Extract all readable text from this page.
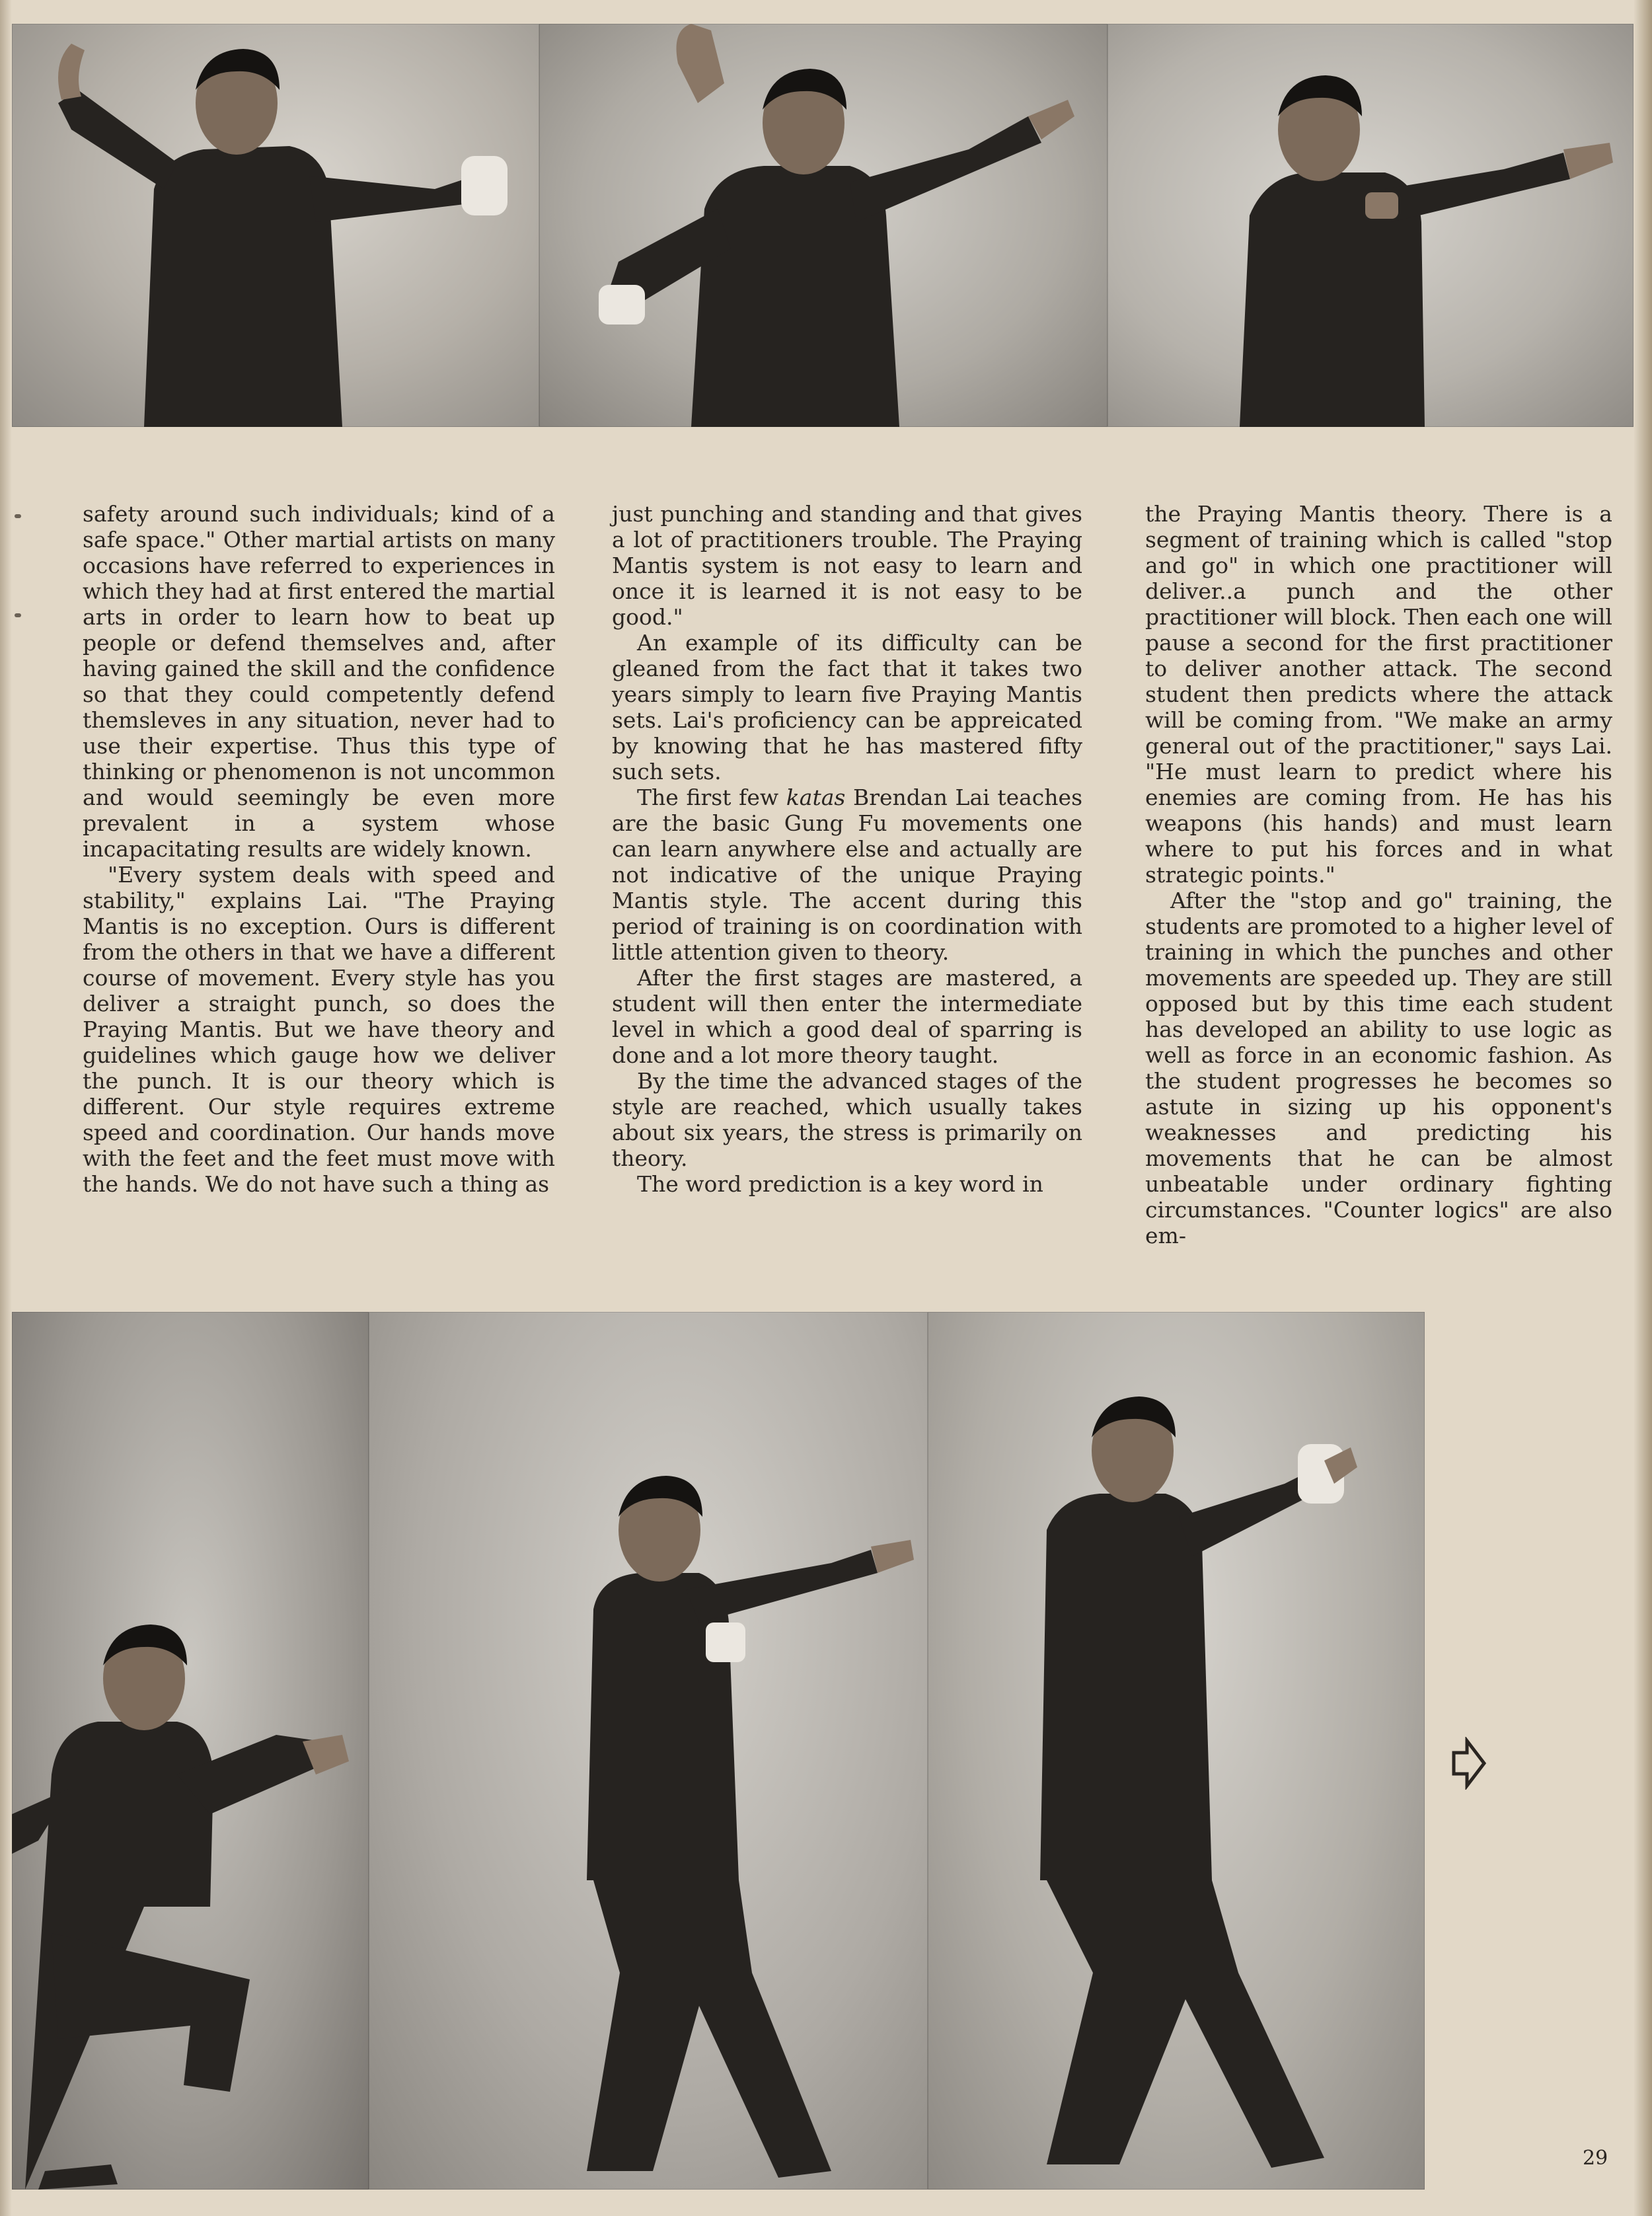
safety around such individuals; kind of a safe space." Other martial artists on many occasions have referred to experiences in which they had at first entered the martial arts in order to learn how to beat up people or defend themselves and, after having gained the skill and the confidence so that they could competently defend themsleves in any situation, never had to use their expertise. Thus this type of thinking or phenomenon is not uncommon and would seemingly be even more prevalent in a system whose incapacitating results are widely known.

"Every system deals with speed and stability," explains Lai. "The Praying Mantis is no exception. Ours is different from the others in that we have a different course of movement. Every style has you deliver a straight punch, so does the Praying Mantis. But we have theory and guidelines which gauge how we deliver the punch. It is our theory which is different. Our style requires extreme speed and coordination. Our hands move with the feet and the feet must move with the hands. We do not have such a thing as

just punching and standing and that gives a lot of practitioners trouble. The Praying Mantis system is not easy to learn and once it is learned it is not easy to be good."

An example of its difficulty can be gleaned from the fact that it takes two years simply to learn five Praying Mantis sets. Lai's proficiency can be appreicated by knowing that he has mastered fifty such sets.

The first few katas Brendan Lai teaches are the basic Gung Fu movements one can learn anywhere else and actually are not indicative of the unique Praying Mantis style. The accent during this period of training is on coordination with little attention given to theory.

After the first stages are mastered, a student will then enter the intermediate level in which a good deal of sparring is done and a lot more theory taught.

By the time the advanced stages of the style are reached, which usually takes about six years, the stress is primarily on theory.

The word prediction is a key word in

the Praying Mantis theory. There is a segment of training which is called "stop and go" in which one practitioner will deliver..a punch and the other practitioner will block. Then each one will pause a second for the first practitioner to deliver another attack. The second student then predicts where the attack will be coming from. "We make an army general out of the practitioner," says Lai. "He must learn to predict where his enemies are coming from. He has his weapons (his hands) and must learn where to put his forces and in what strategic points."

After the "stop and go" training, the students are promoted to a higher level of training in which the punches and other movements are speeded up. They are still opposed but by this time each student has developed an ability to use logic as well as force in an economic fashion. As the student progresses he becomes so astute in sizing up his opponent's weaknesses and predicting his movements that he can be almost unbeatable under ordinary fighting circumstances. "Counter logics" are also em-

29
